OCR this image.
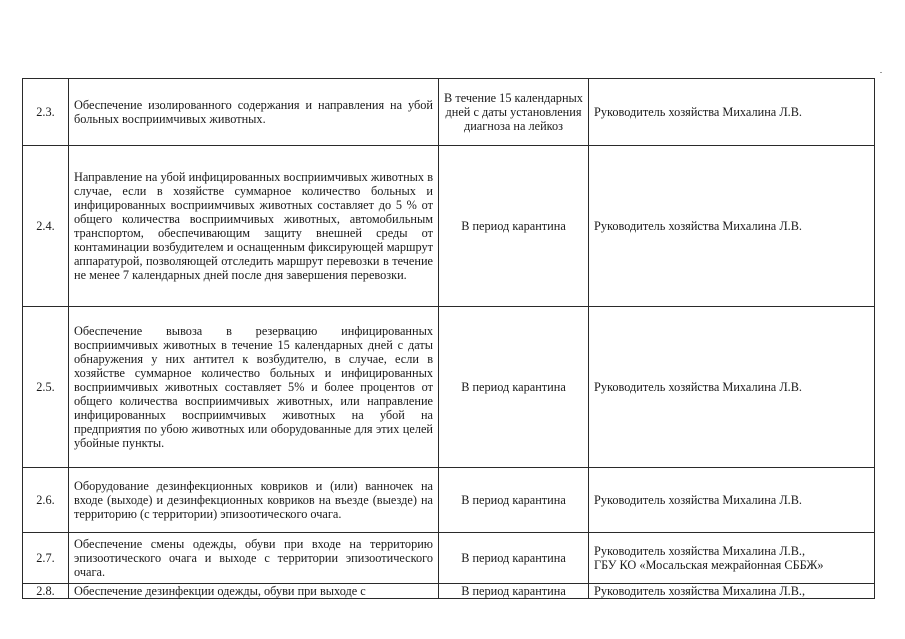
2.3.	Обеспечение изолированного содержания и направления на убой больных восприимчивых животных.	В течение 15 календарных дней с даты установления диагноза на лейкоз	Руководитель хозяйства Михалина Л.В.
2.4.	Направление на убой инфицированных восприимчивых животных в случае, если в хозяйстве суммарное количество больных и инфицированных восприимчивых животных составляет до 5 % от общего количества восприимчивых животных, автомобильным транспортом, обеспечивающим защиту внешней среды от контаминации возбудителем и оснащенным фиксирующей маршрут аппаратурой, позволяющей отследить маршрут перевозки в течение не менее 7 календарных дней после дня завершения перевозки.	В период карантина	Руководитель хозяйства Михалина Л.В.
2.5.	Обеспечение вывоза в резервацию инфицированных восприимчивых животных в течение 15 календарных дней с даты обнаружения у них антител к возбудителю, в случае, если в хозяйстве суммарное количество больных и инфицированных восприимчивых животных составляет 5% и более процентов от общего количества восприимчивых животных, или направление инфицированных восприимчивых животных на убой на предприятия по убою животных или оборудованные для этих целей убойные пункты.	В период карантина	Руководитель хозяйства Михалина Л.В.
2.6.	Оборудование дезинфекционных ковриков и (или) ванночек на входе (выходе) и дезинфекционных ковриков на въезде (выезде) на территорию (с территории) эпизоотического очага.	В период карантина	Руководитель хозяйства Михалина Л.В.
2.7.	Обеспечение смены одежды, обуви при входе на территорию эпизоотического очага и выходе с территории эпизоотического очага.	В период карантина	Руководитель хозяйства Михалина Л.В.,
ГБУ КО «Мосальская межрайонная СББЖ»

2.8.	Обеспечение дезинфекции одежды, обуви при выходе с	В период карантина	Руководитель хозяйства Михалина Л.В.,
